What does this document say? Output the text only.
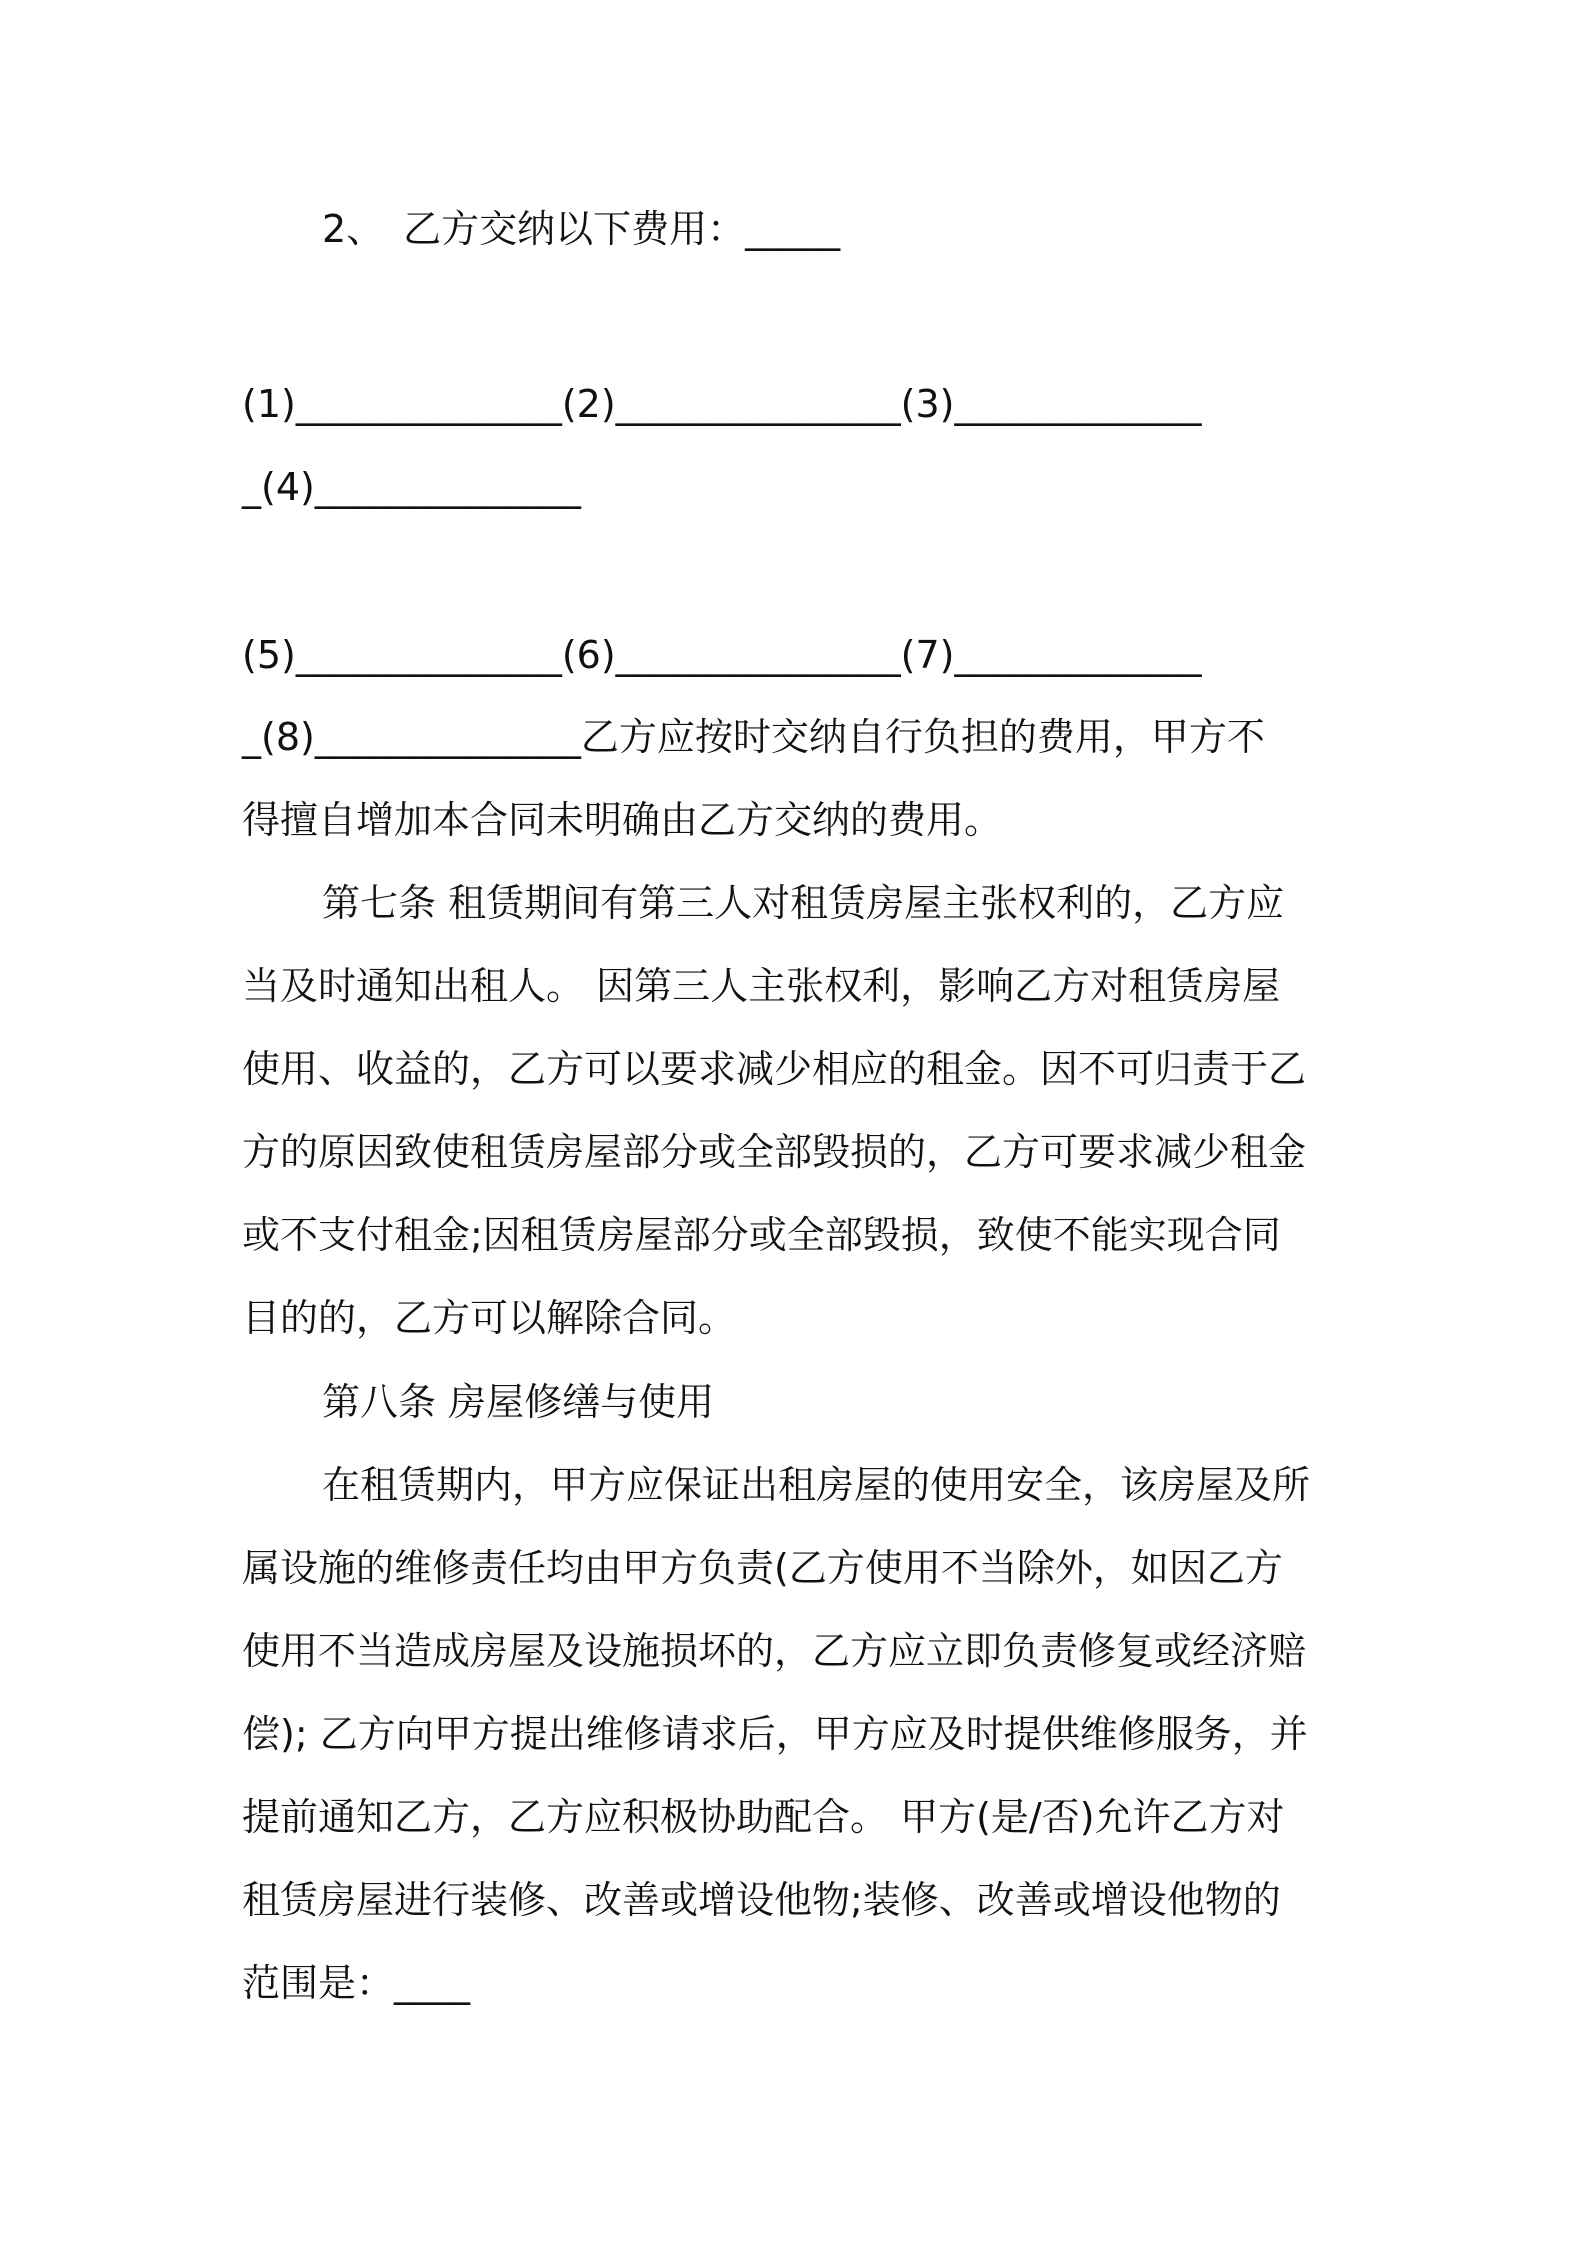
2、　乙方交纳以下费用：_____

(1)______________(2)_______________(3)_____________

_(4)______________

(5)______________(6)_______________(7)_____________

_(8)______________乙方应按时交纳自行负担的费用，甲方不

得擅自增加本合同未明确由乙方交纳的费用。

第七条 租赁期间有第三人对租赁房屋主张权利的，乙方应

当及时通知出租人。 因第三人主张权利，影响乙方对租赁房屋

使用、收益的，乙方可以要求减少相应的租金。因不可归责于乙

方的原因致使租赁房屋部分或全部毁损的，乙方可要求减少租金

或不支付租金;因租赁房屋部分或全部毁损，致使不能实现合同

目的的，乙方可以解除合同。

第八条 房屋修缮与使用

在租赁期内，甲方应保证出租房屋的使用安全，该房屋及所

属设施的维修责任均由甲方负责(乙方使用不当除外，如因乙方

使用不当造成房屋及设施损坏的，乙方应立即负责修复或经济赔

偿); 乙方向甲方提出维修请求后，甲方应及时提供维修服务，并

提前通知乙方，乙方应积极协助配合。 甲方(是/否)允许乙方对

租赁房屋进行装修、改善或增设他物;装修、改善或增设他物的

范围是：____
